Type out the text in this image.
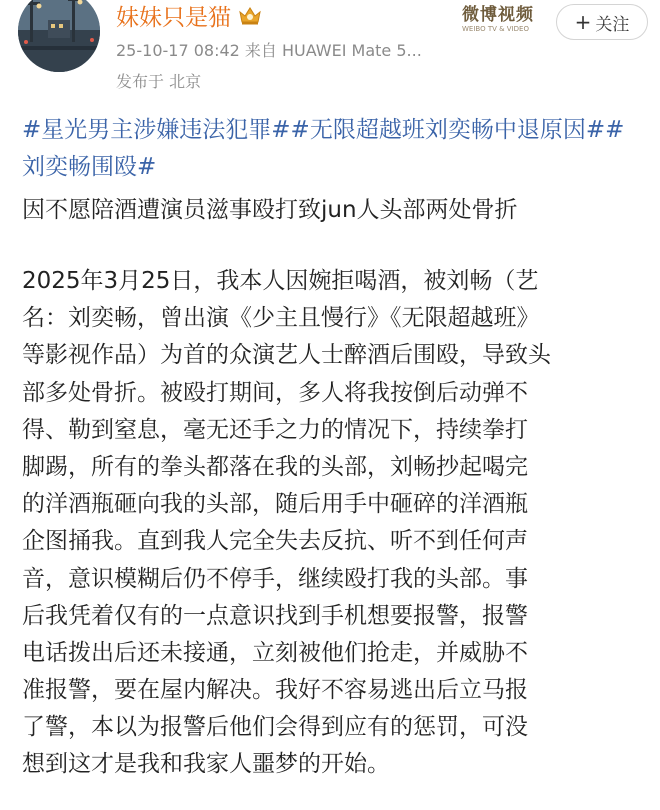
妹妹只是猫
25-10-17 08:42 来自 HUAWEI Mate 5...
发布于 北京
微博视频
WEIBO TV & VIDEO	+ 关注
#星光男主涉嫌违法犯罪##无限超越班刘奕畅中退原因##刘奕畅围殴#
因不愿陪酒遭演员滋事殴打致jun人头部两处骨折
2025年3月25日，我本人因婉拒喝酒，被刘畅（艺
名：刘奕畅，曾出演《少主且慢行》《无限超越班》
等影视作品）为首的众演艺人士醉酒后围殴，导致头
部多处骨折。被殴打期间，多人将我按倒后动弹不
得、勒到窒息，毫无还手之力的情况下，持续拳打
脚踢，所有的拳头都落在我的头部，刘畅抄起喝完
的洋酒瓶砸向我的头部，随后用手中砸碎的洋酒瓶
企图捅我。直到我人完全失去反抗、听不到任何声
音，意识模糊后仍不停手，继续殴打我的头部。事
后我凭着仅有的一点意识找到手机想要报警，报警
电话拨出后还未接通，立刻被他们抢走，并威胁不
准报警，要在屋内解决。我好不容易逃出后立马报
了警，本以为报警后他们会得到应有的惩罚，可没
想到这才是我和我家人噩梦的开始。
